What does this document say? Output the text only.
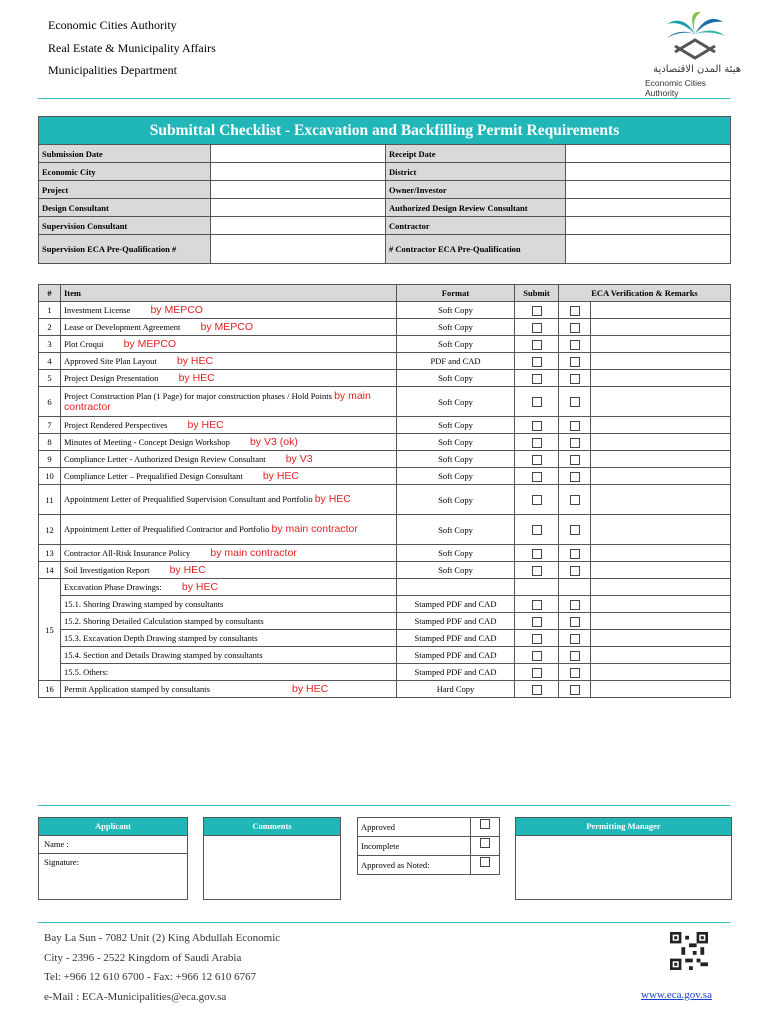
Economic Cities Authority
Real Estate & Municipality Affairs
Municipalities Department	هيئة المدن الاقتصادية
Economic Cities Authority
Submittal Checklist - Excavation and Backfilling Permit Requirements			
Submission Date		Receipt Date	
Economic City		District	
Project		Owner/Investor	
Design Consultant		Authorized Design Review Consultant	
Supervision Consultant		Contractor	
Supervision ECA Pre-Qualification #		# Contractor ECA Pre-Qualification	
#	Item	Format	Submit	ECA Verification & Remarks	
1	Investment License by MEPCO	Soft Copy			
2	Lease or Development Agreement by MEPCO	Soft Copy			
3	Plot Croqui by MEPCO	Soft Copy			
4	Approved Site Plan Layout by HEC	PDF and CAD			
5	Project Design Presentation by HEC	Soft Copy			
6	Project Construction Plan (1 Page) for major construction phases / Hold Points by main contractor	Soft Copy			
7	Project Rendered Perspectives by HEC	Soft Copy			
8	Minutes of Meeting - Concept Design Workshop by V3 (ok)	Soft Copy			
9	Compliance Letter - Authorized Design Review Consultant by V3	Soft Copy			
10	Compliance Letter – Prequalified Design Consultant by HEC	Soft Copy			
11	Appointment Letter of Prequalified Supervision Consultant and Portfolio by HEC	Soft Copy			
12	Appointment Letter of Prequalified Contractor and Portfolio by main contractor	Soft Copy			
13	Contractor All-Risk Insurance Policy by main contractor	Soft Copy			
14	Soil Investigation Report by HEC	Soft Copy			
15	Excavation Phase Drawings: by HEC				
	15.1. Shoring Drawing stamped by consultants	Stamped PDF and CAD			
	15.2. Shoring Detailed Calculation stamped by consultants	Stamped PDF and CAD			
	15.3. Excavation Depth Drawing stamped by consultants	Stamped PDF and CAD			
	15.4. Section and Details Drawing stamped by consultants	Stamped PDF and CAD			
	15.5. Others:	Stamped PDF and CAD			
16	Permit Application stamped by consultants by HEC	Hard Copy			
Applicant
Name :
Signature:
Comments	Approved	
Incomplete	
Approved as Noted:	
Permitting Manager
Bay La Sun - 7082 Unit (2) King Abdullah Economic
City - 2396 - 2522 Kingdom of Saudi Arabia
Tel: +966 12 610 6700 - Fax: +966 12 610 6767
e-Mail : ECA-Municipalities@eca.gov.sa	www.eca.gov.sa
